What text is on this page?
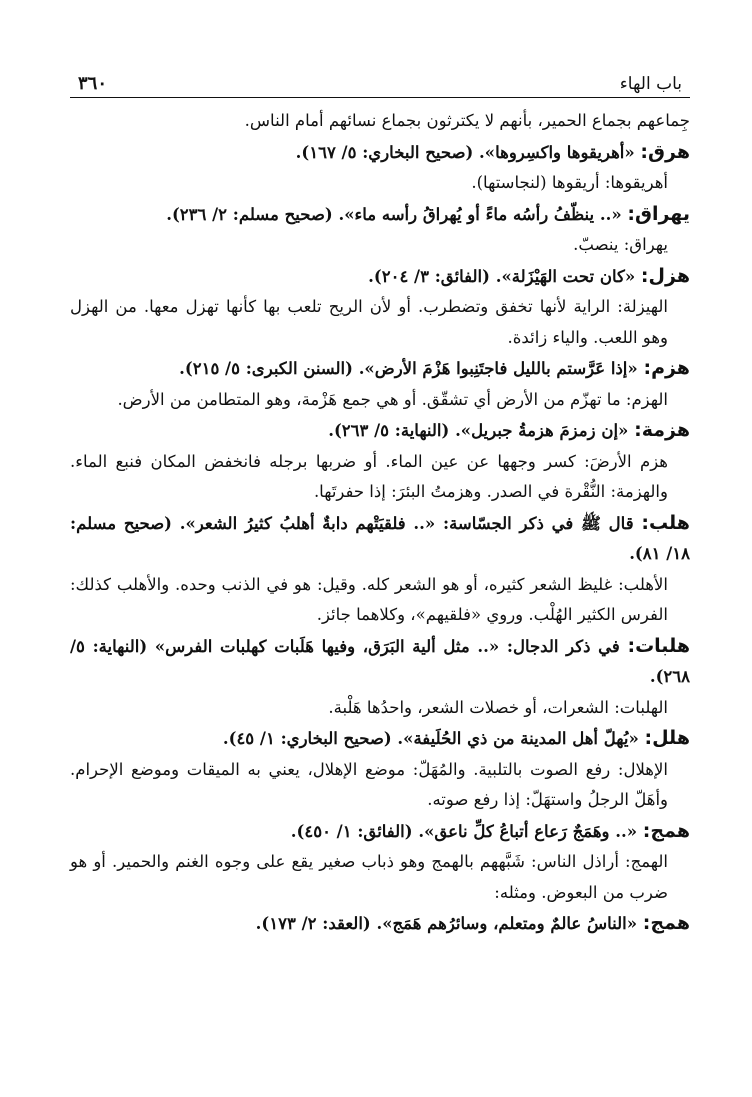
باب الهاء
٣٦٠

جِماعهم بجماع الحمير، بأنهم لا يكترثون بجماع نسائهم أمام الناس.

هرق: «أهريقوها واكسِروها». (صحيح البخاري: ٥/ ١٦٧).

أهريقوها: أريقوها (لنجاستها).

يهراق: «.. ينظّفُ رأسُه ماءً أو يُهراقُ رأسه ماء». (صحيح مسلم: ٢/ ٢٣٦).

يهراق: ينصبّ.

هزل: «كان تحت الهَيْزَلة». (الفائق: ٣/ ٢٠٤).

الهيزلة: الراية لأنها تخفق وتضطرب. أو لأن الريح تلعب بها كأنها تهزل معها. من الهزل وهو اللعب. والياء زائدة.

هزم: «إذا عَرَّستم بالليل فاجتَنِبوا هَزْمَ الأرض». (السنن الكبرى: ٥/ ٢١٥).

الهزم: ما تهزّم من الأرض أي تشقّق. أو هي جمع هَزْمة، وهو المتطامن من الأرض.

هزمة: «إن زمزمَ هزمةُ جبريل». (النهاية: ٥/ ٢٦٣).

هزم الأرضَ: كسر وجهها عن عين الماء. أو ضربها برجله فانخفض المكان فنبع الماء. والهزمة: النُّقْرة في الصدر. وهزمتُ البئرَ: إذا حفرتَها.

هلب: قال ﷺ في ذكر الجسّاسة: «.. فلقيَتْهم دابةٌ أهلبُ كثيرُ الشعر». (صحيح مسلم: ١٨/ ٨١).

الأهلب: غليظ الشعر كثيره، أو هو الشعر كله. وقيل: هو في الذنب وحده. والأهلب كذلك: الفرس الكثير الهُلْب. وروي «فلقيهم»، وكلاهما جائز.

هلبات: في ذكر الدجال: «.. مثل ألية البَرَق، وفيها هَلَبات كهلبات الفرس» (النهاية: ٥/ ٢٦٨).

الهلبات: الشعرات، أو خصلات الشعر، واحدُها هَلْبة.

هلل: «يُهلّ أهل المدينة من ذي الحُلَيفة». (صحيح البخاري: ١/ ٤٥).

الإهلال: رفع الصوت بالتلبية. والمُهَلّ: موضع الإهلال، يعني به الميقات وموضع الإحرام. وأهَلّ الرجلُ واستهَلّ: إذا رفع صوته.

همج: «.. وهَمَجٌ رَعاع أتباعُ كلِّ ناعق». (الفائق: ١/ ٤٥٠).

الهمج: أراذل الناس: شَبَّههم بالهمج وهو ذباب صغير يقع على وجوه الغنم والحمير. أو هو ضرب من البعوض. ومثله:

همج: «الناسُ عالمٌ ومتعلم، وسائرُهم هَمَج». (العقد: ٢/ ١٧٣).
